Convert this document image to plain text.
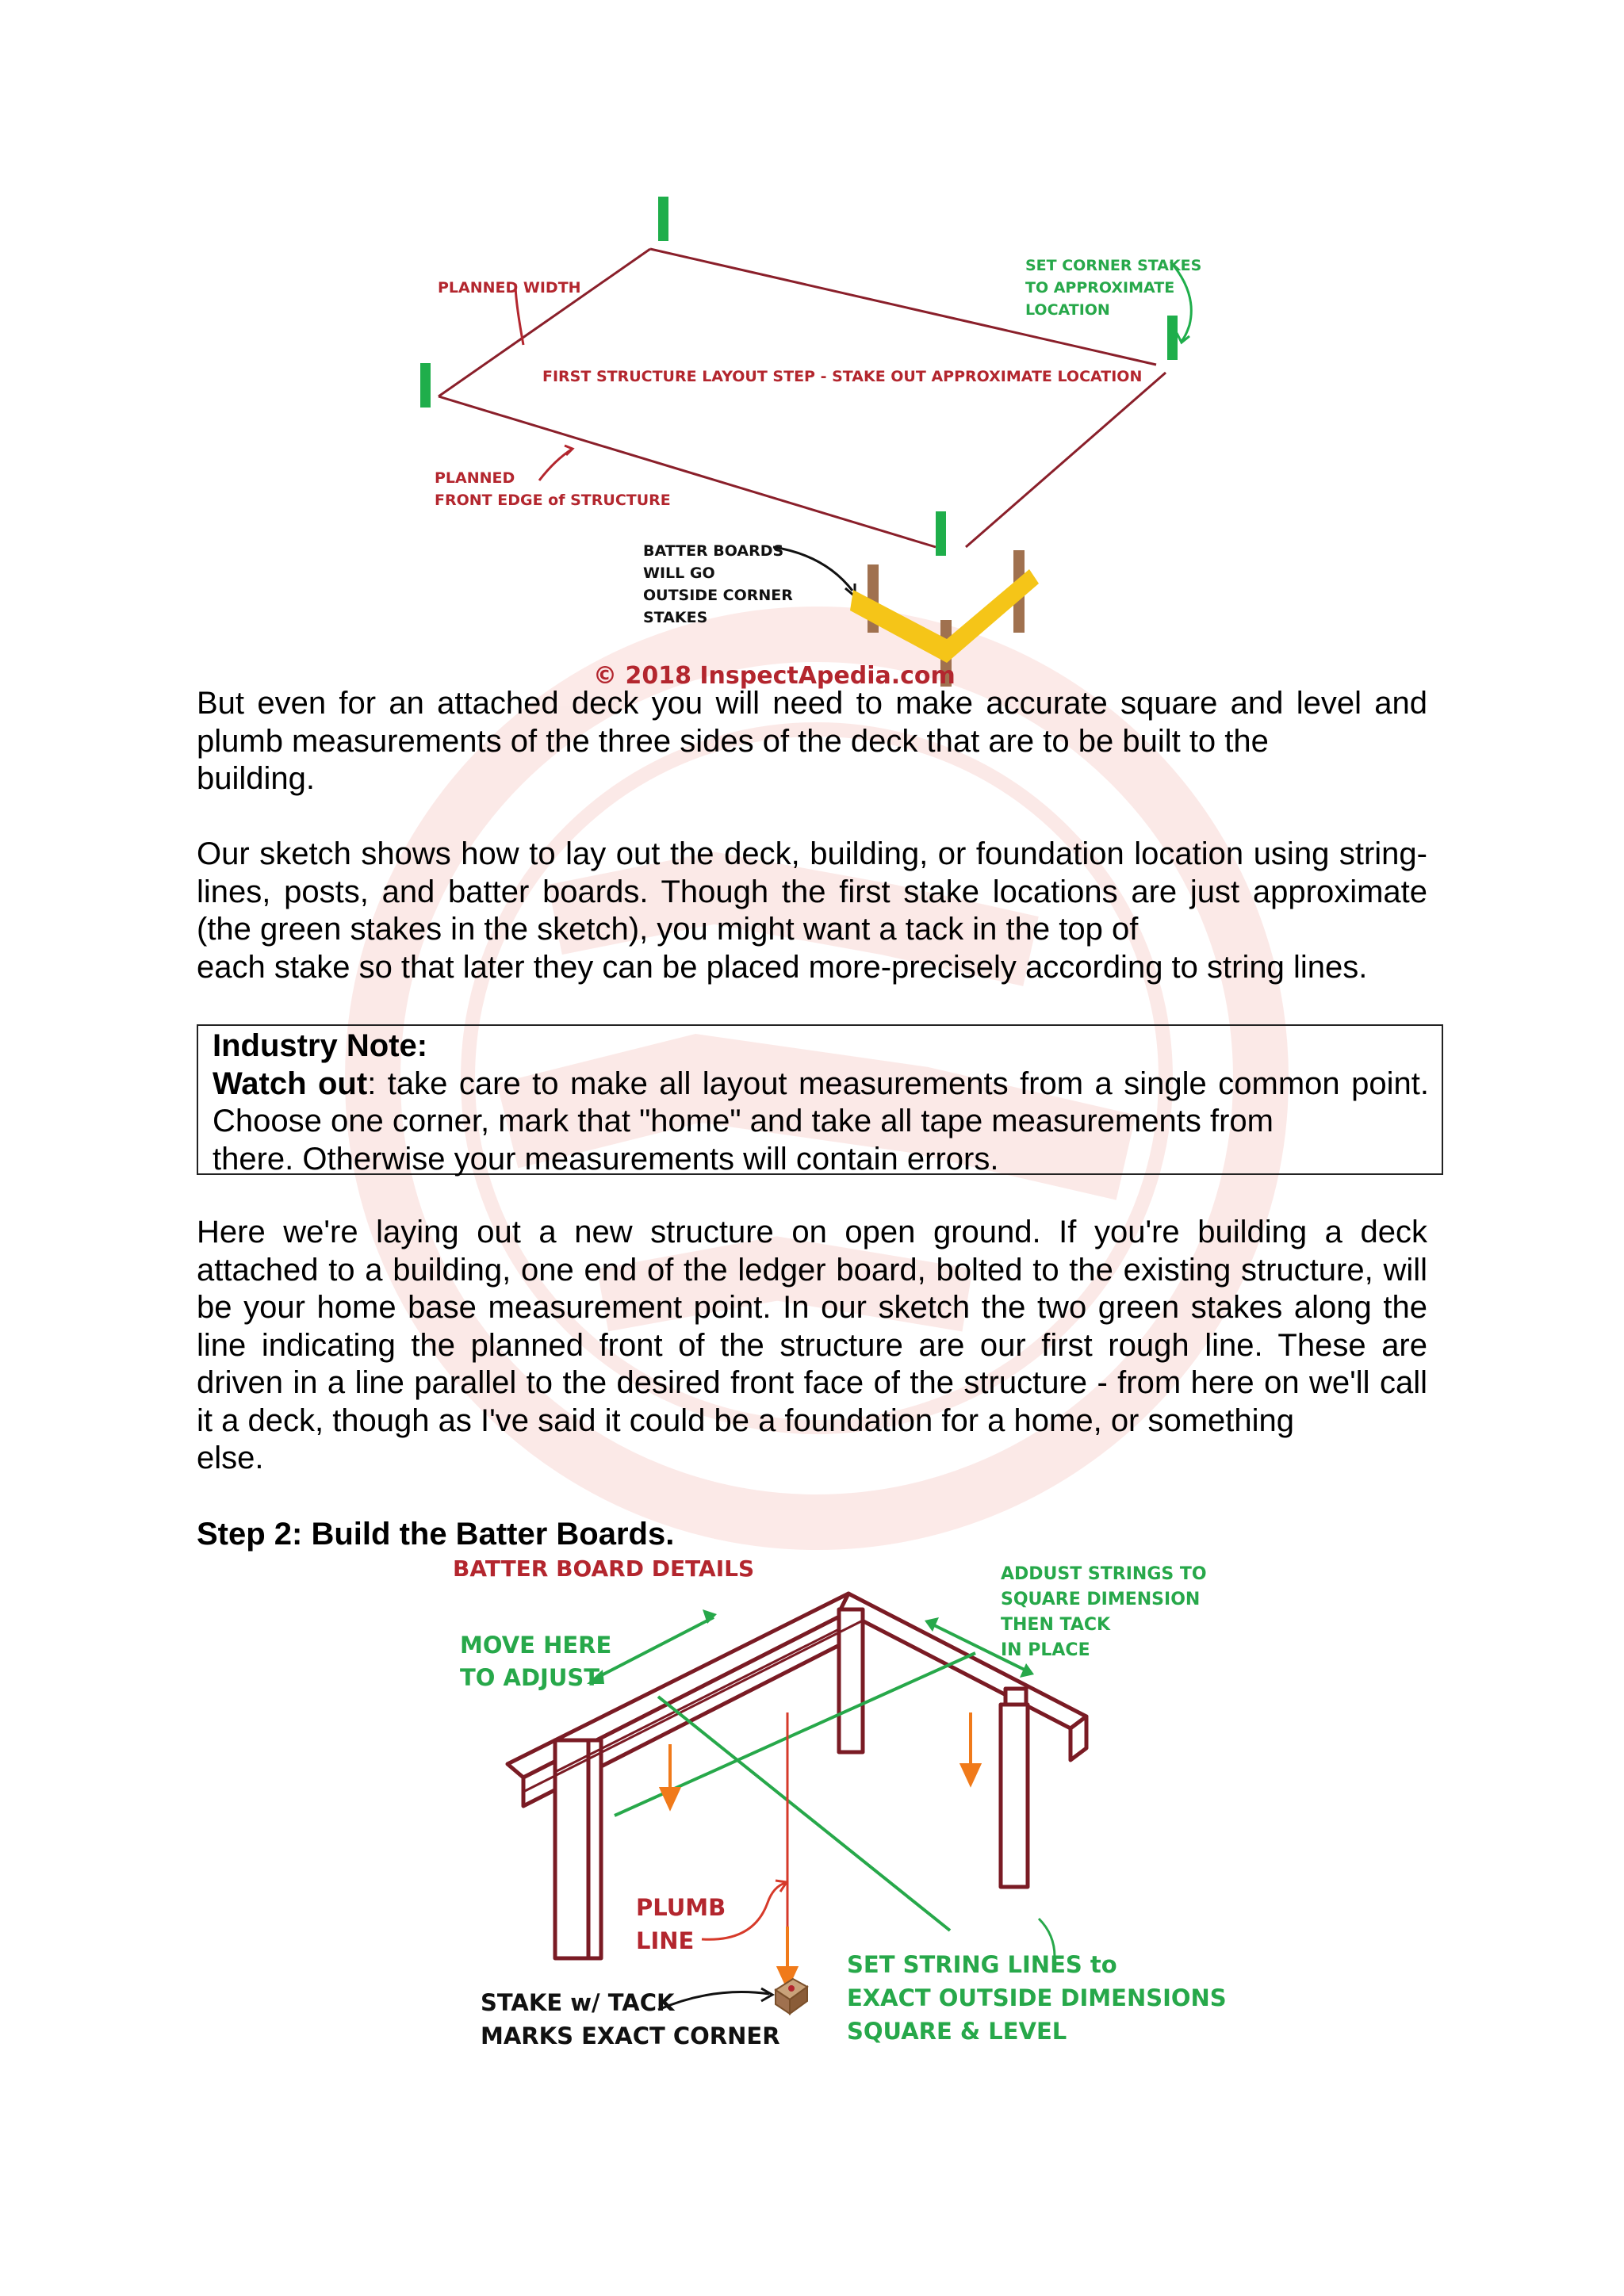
PLANNED WIDTH
SET CORNER STAKES
TO APPROXIMATE
LOCATION
FIRST STRUCTURE LAYOUT STEP - STAKE OUT APPROXIMATE LOCATION
PLANNED
FRONT EDGE of STRUCTURE
BATTER BOARDS
WILL GO
OUTSIDE CORNER
STAKES
© 2018 InspectApedia.com

But even for an attached deck you will need to make accurate square and level and plumb measurements of the three sides of the deck that are to be built to the
building.

Our sketch shows how to lay out the deck, building, or foundation location using string-lines, posts, and batter boards. Though the first stake locations are just approximate (the green stakes in the sketch), you might want a tack in the top of
each stake so that later they can be placed more-precisely according to string lines.

Industry Note:
Watch out: take care to make all layout measurements from a single common point. Choose one corner, mark that "home" and take all tape measurements from
there. Otherwise your measurements will contain errors.

Here we're laying out a new structure on open ground. If you're building a deck attached to a building, one end of the ledger board, bolted to the existing structure, will be your home base measurement point. In our sketch the two green stakes along the line indicating the planned front of the structure are our first rough line. These are driven in a line parallel to the desired front face of the structure - from here on we'll call it a deck, though as I've said it could be a foundation for a home, or something
else.

Step 2: Build the Batter Boards.
BATTER BOARD DETAILS
MOVE HERE
TO ADJUST
ADDUST STRINGS TO
SQUARE DIMENSION
THEN TACK
IN PLACE
PLUMB
LINE
SET STRING LINES to
EXACT OUTSIDE DIMENSIONS
SQUARE & LEVEL
STAKE w/ TACK
MARKS EXACT CORNER
